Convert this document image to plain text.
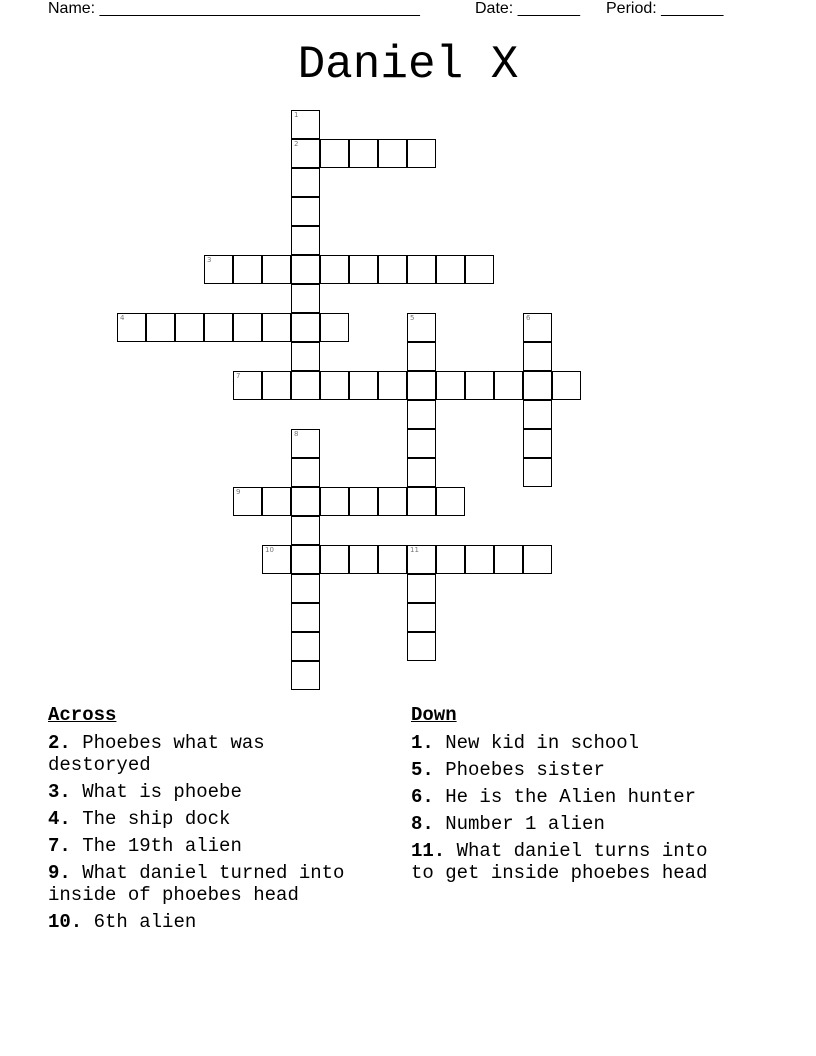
Name: ____________________________________	Date: _______ Period: _______
Daniel X
1
2
3
4	5	6
7
8
9
10	11
Across
2. Phoebes what was destoryed
3. What is phoebe
4. The ship dock
7. The 19th alien
9. What daniel turned into inside of phoebes head
10. 6th alien
Down
1. New kid in school
5. Phoebes sister
6. He is the Alien hunter
8. Number 1 alien
11. What daniel turns into to get inside phoebes head
